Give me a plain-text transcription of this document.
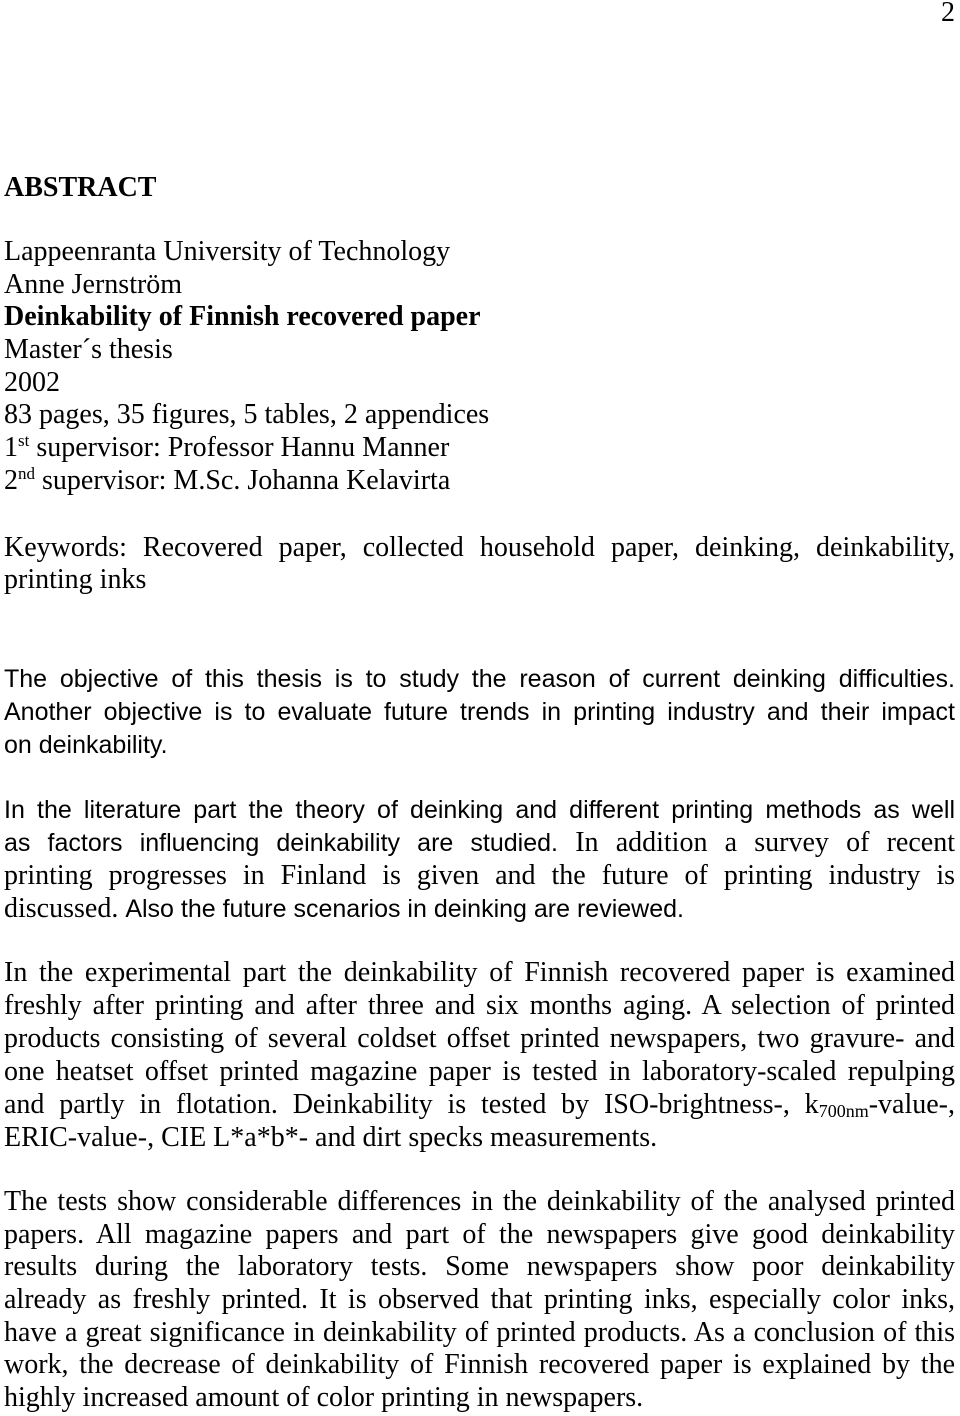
2
ABSTRACT
Lappeenranta University of Technology
Anne Jernström
Deinkability of Finnish recovered paper
Master´s thesis
2002
83 pages, 35 figures, 5 tables, 2 appendices
1st supervisor: Professor Hannu Manner
2nd supervisor: M.Sc. Johanna Kelavirta
Keywords: Recovered paper, collected household paper, deinking, deinkability,
printing inks
The objective of this thesis is to study the reason of current deinking difficulties.
Another objective is to evaluate future trends in printing industry and their impact
on deinkability.
In the literature part the theory of deinking and different printing methods as well
as factors influencing deinkability are studied. In addition a survey of recent
printing progresses in Finland is given and the future of printing industry is
discussed. Also the future scenarios in deinking are reviewed.
In the experimental part the deinkability of Finnish recovered paper is examined
freshly after printing and after three and six months aging. A selection of printed
products consisting of several coldset offset printed newspapers, two gravure- and
one heatset offset printed magazine paper is tested in laboratory-scaled repulping
and partly in flotation. Deinkability is tested by ISO-brightness-, $k_{700nm}-value-$,
ERIC-value-, CIE L*a*b*- and dirt specks measurements.
The tests show considerable differences in the deinkability of the analysed printed
papers. All magazine papers and part of the newspapers give good deinkability
results during the laboratory tests. Some newspapers show poor deinkability
already as freshly printed. It is observed that printing inks, especially color inks,
have a great significance in deinkability of printed products. As a conclusion of this
work, the decrease of deinkability of Finnish recovered paper is explained by the
highly increased amount of color printing in newspapers.
